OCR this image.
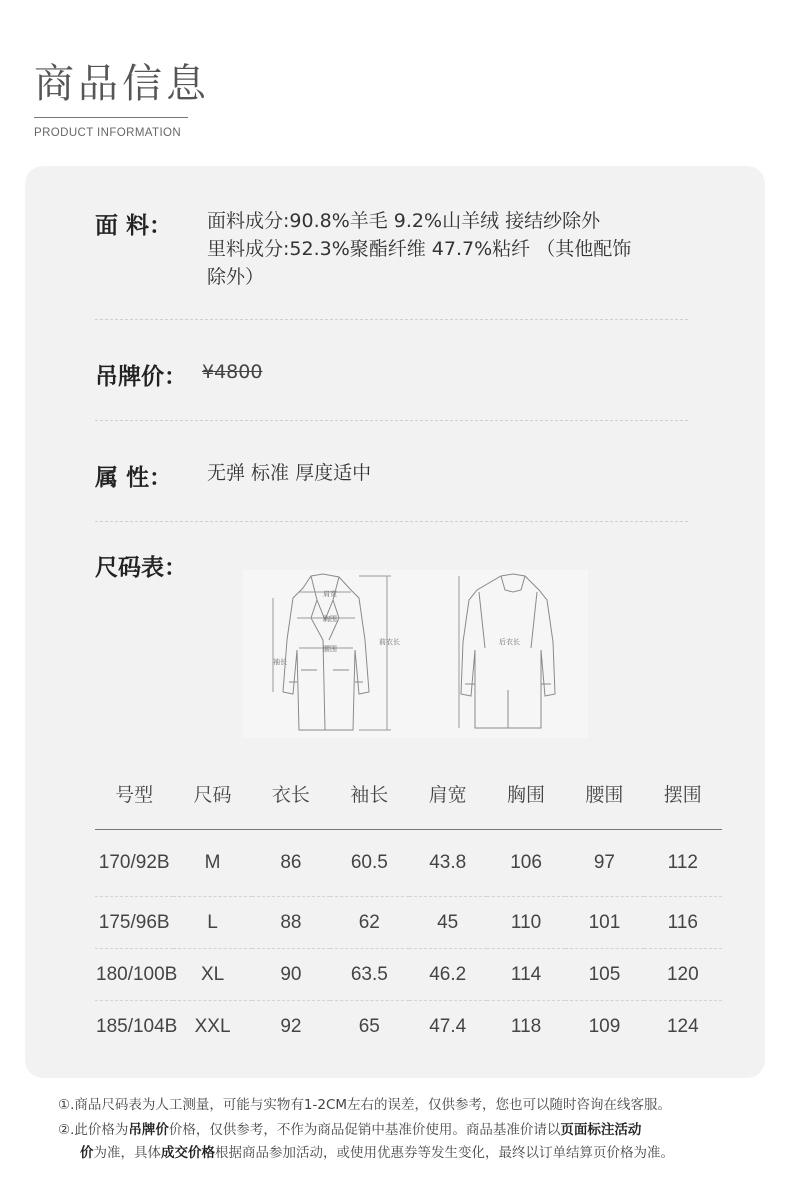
商品信息
PRODUCT INFORMATION
面 料： 面料成分:90.8%羊毛 9.2%山羊绒 接结纱除外
里料成分:52.3%聚酯纤维 47.7%粘纤 （其他配饰
除外）
吊牌价： ¥4800
属 性： 无弹 标准 厚度适中
尺码表：
肩宽
胸围
腰围
前衣长
袖长
后衣长
号型	尺码	衣长	袖长	肩宽	胸围	腰围	摆围
170/92B	M	86	60.5	43.8	106	97	112
175/96B	L	88	62	45	110	101	116
180/100B	XL	90	63.5	46.2	114	105	120
185/104B	XXL	92	65	47.4	118	109	124
①.商品尺码表为人工测量，可能与实物有1-2CM左右的误差，仅供参考，您也可以随时咨询在线客服。
②.此价格为吊牌价价格，仅供参考，不作为商品促销中基准价使用。商品基准价请以页面标注活动
价为准，具体成交价格根据商品参加活动，或使用优惠券等发生变化，最终以订单结算页价格为准。
